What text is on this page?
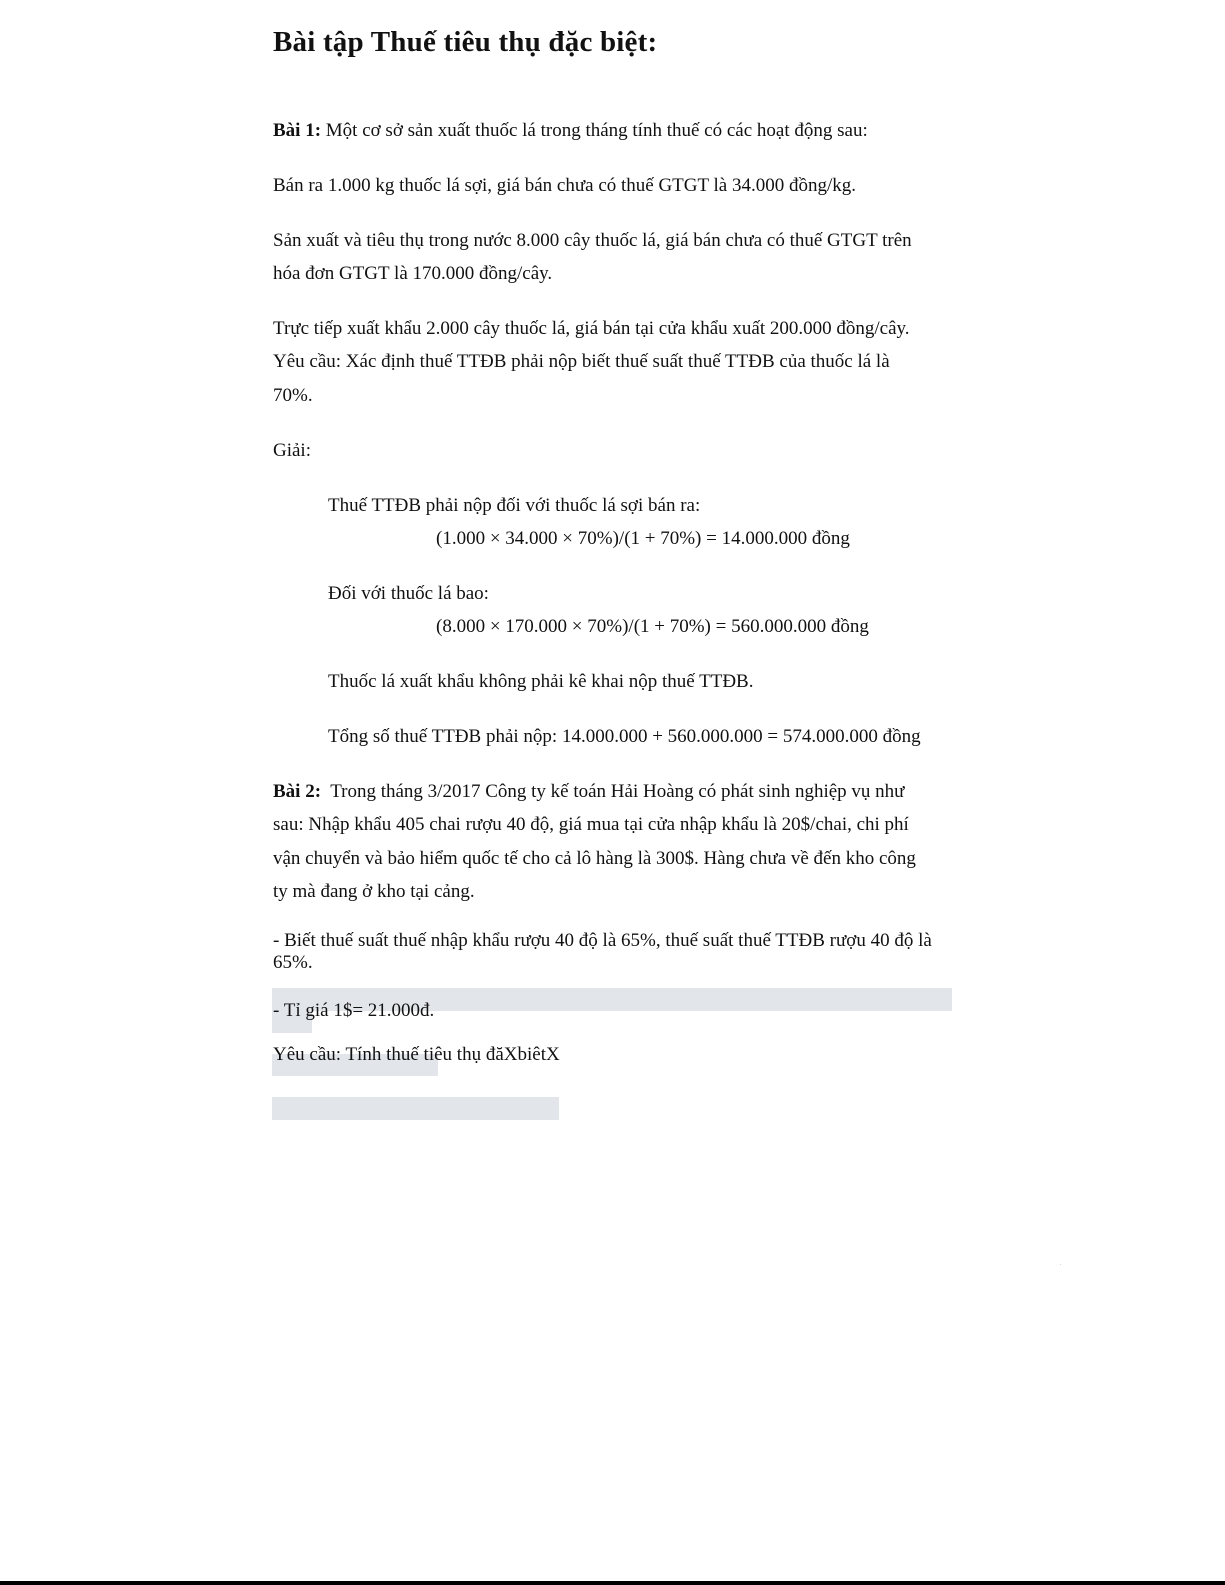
Bài tập Thuế tiêu thụ đặc biệt:
Bài 1: Một cơ sở sản xuất thuốc lá trong tháng tính thuế có các hoạt động sau:
Bán ra 1.000 kg thuốc lá sợi, giá bán chưa có thuế GTGT là 34.000 đồng/kg.
Sản xuất và tiêu thụ trong nước 8.000 cây thuốc lá, giá bán chưa có thuế GTGT trên
hóa đơn GTGT là 170.000 đồng/cây.
Trực tiếp xuất khẩu 2.000 cây thuốc lá, giá bán tại cửa khẩu xuất 200.000 đồng/cây.
Yêu cầu: Xác định thuế TTĐB phải nộp biết thuế suất thuế TTĐB của thuốc lá là
70%.
Giải:
Thuế TTĐB phải nộp đối với thuốc lá sợi bán ra:
(1.000 × 34.000 × 70%)/(1 + 70%) = 14.000.000 đồng
Đối với thuốc lá bao:
(8.000 × 170.000 × 70%)/(1 + 70%) = 560.000.000 đồng
Thuốc lá xuất khẩu không phải kê khai nộp thuế TTĐB.
Tổng số thuế TTĐB phải nộp: 14.000.000 + 560.000.000 = 574.000.000 đồng
Bài 2:  Trong tháng 3/2017 Công ty kế toán Hải Hoàng có phát sinh nghiệp vụ như
sau: Nhập khẩu 405 chai rượu 40 độ, giá mua tại cửa nhập khẩu là 20$/chai, chi phí
vận chuyển và bảo hiểm quốc tế cho cả lô hàng là 300$. Hàng chưa về đến kho công
ty mà đang ở kho tại cảng.
- Biết thuế suất thuế nhập khẩu rượu 40 độ là 65%, thuế suất thuế TTĐB rượu 40 độ là
65%.
- Tỉ giá 1$= 21.000đ.
Yêu cầu: Tính thuế tiêu thụ đăXbiêtX
